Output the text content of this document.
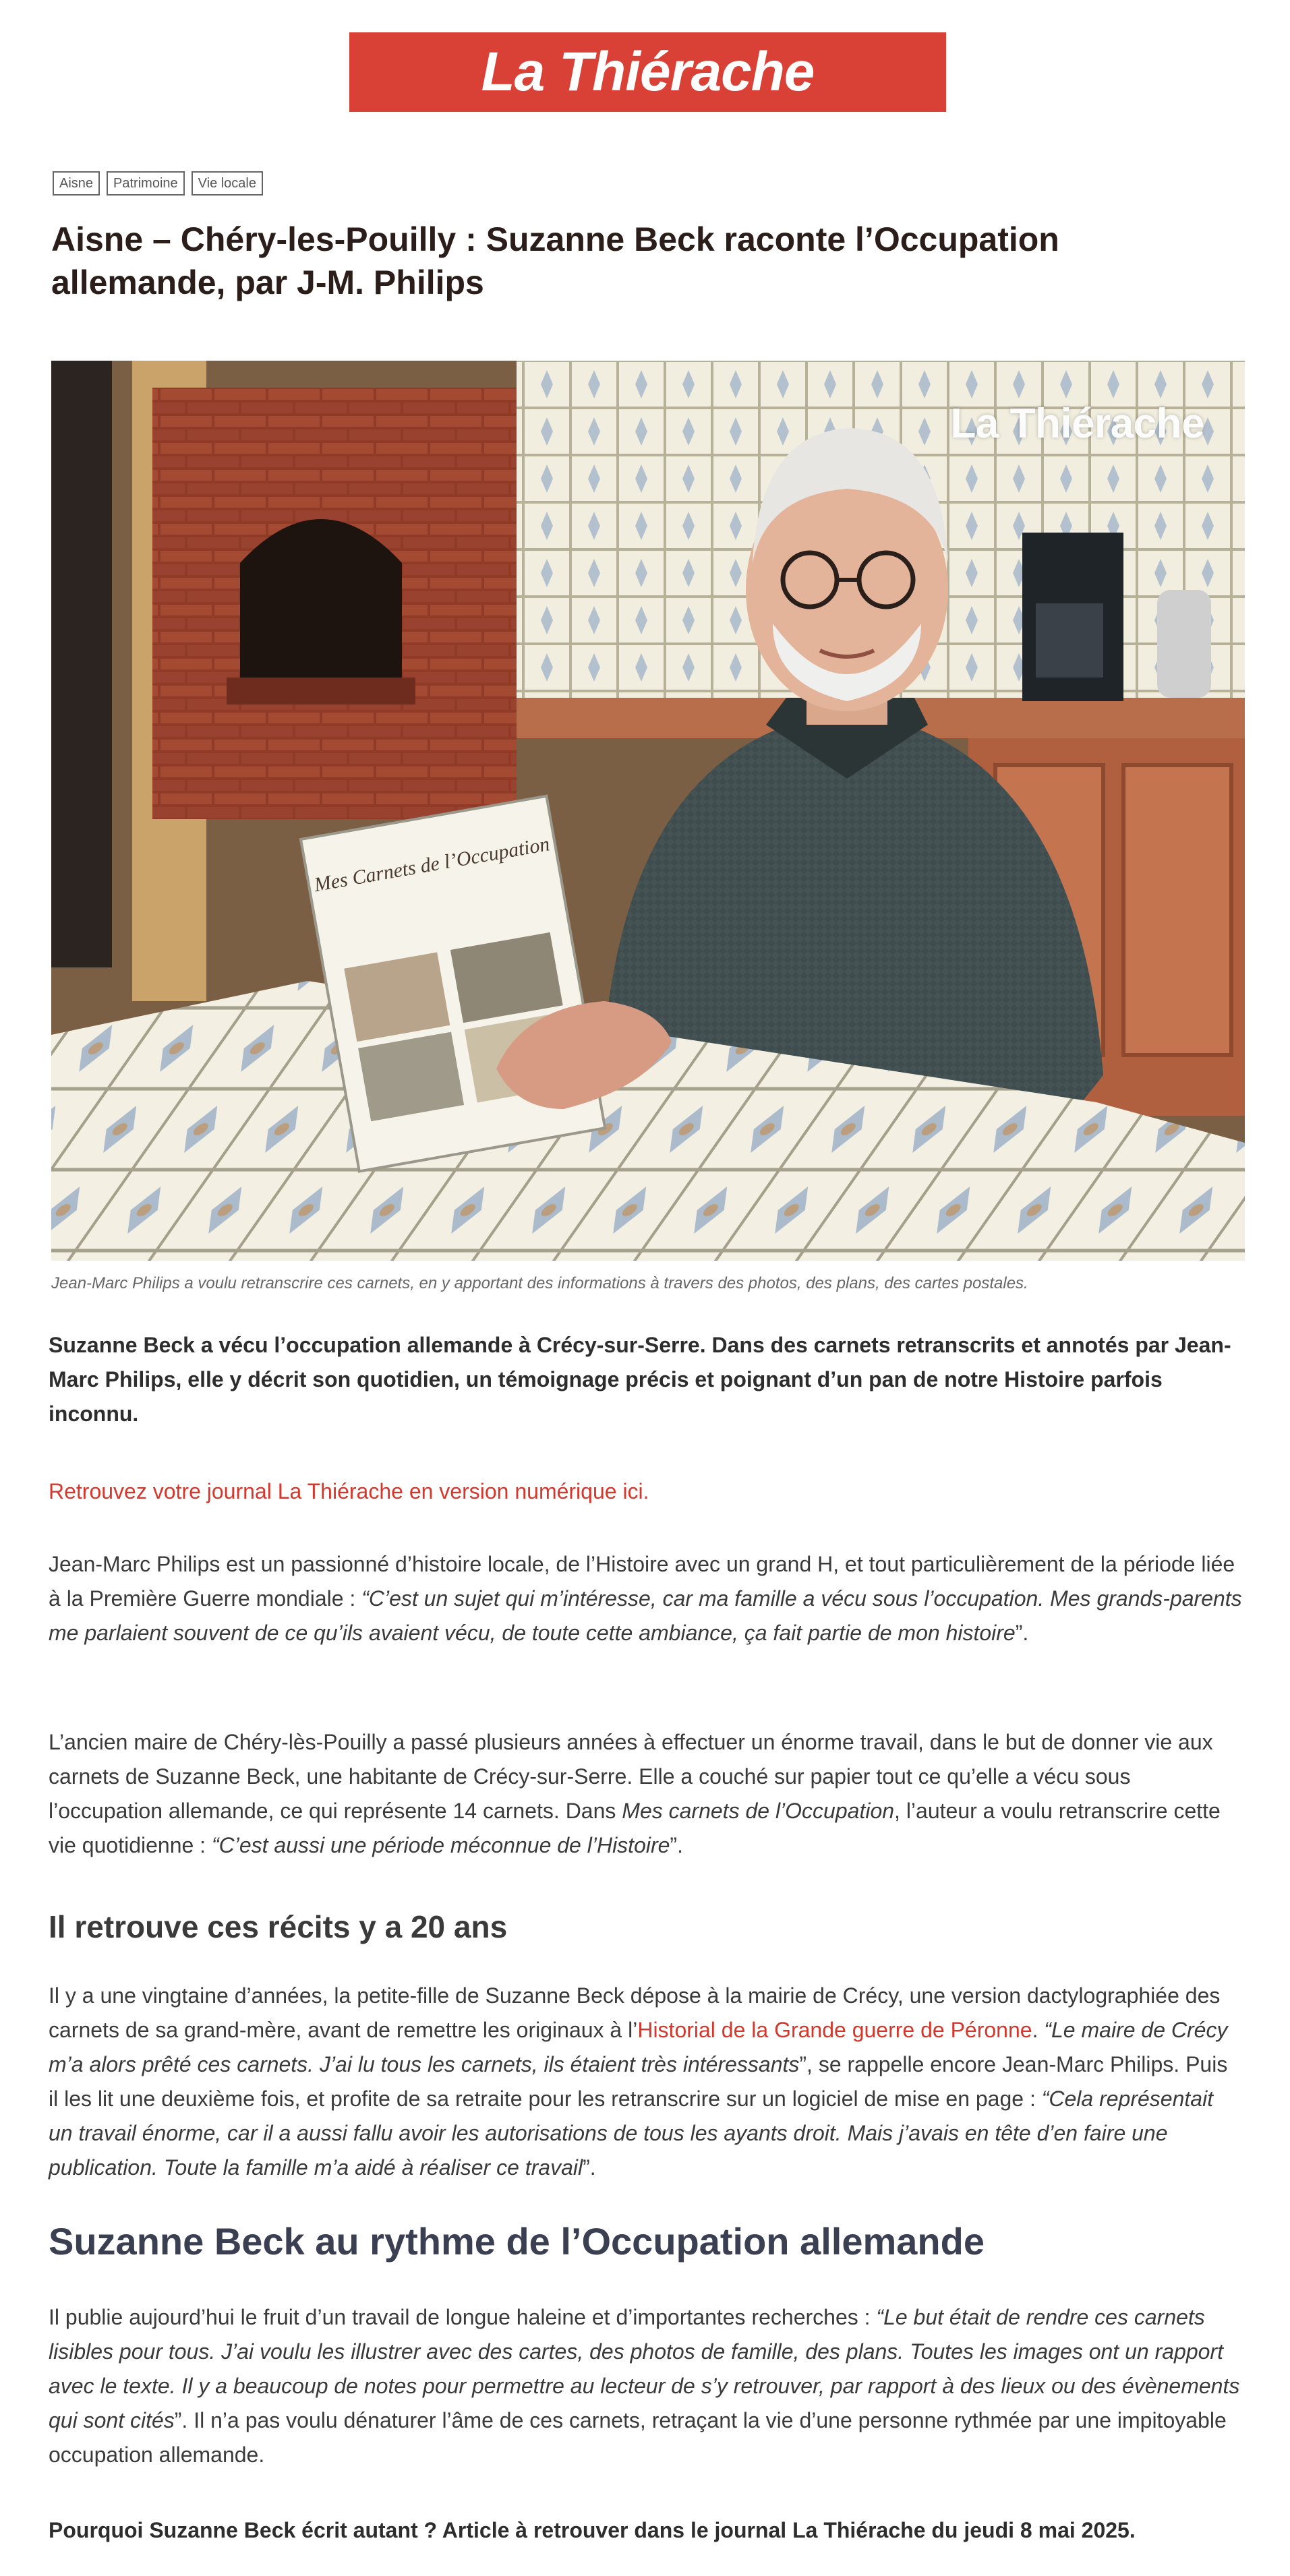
La Thiérache
Aisne	Patrimoine	Vie locale
Aisne – Chéry-les-Pouilly : Suzanne Beck raconte l’Occupation allemande, par J-M. Philips
Mes Carnets de l’Occupation
La Thiérache

Jean-Marc Philips a voulu retranscrire ces carnets, en y apportant des informations à travers des photos, des plans, des cartes postales.

Suzanne Beck a vécu l’occupation allemande à Crécy-sur-Serre. Dans des carnets retranscrits et annotés par Jean-Marc Philips, elle y décrit son quotidien, un témoignage précis et poignant d’un pan de notre Histoire parfois inconnu.

Retrouvez votre journal La Thiérache en version numérique ici.

Jean-Marc Philips est un passionné d’histoire locale, de l’Histoire avec un grand H, et tout particulièrement de la période liée à la Première Guerre mondiale : “C’est un sujet qui m’intéresse, car ma famille a vécu sous l’occupation. Mes grands-parents me parlaient souvent de ce qu’ils avaient vécu, de toute cette ambiance, ça fait partie de mon histoire”.

L’ancien maire de Chéry-lès-Pouilly a passé plusieurs années à effectuer un énorme travail, dans le but de donner vie aux carnets de Suzanne Beck, une habitante de Crécy-sur-Serre. Elle a couché sur papier tout ce qu’elle a vécu sous l’occupation allemande, ce qui représente 14 carnets. Dans Mes carnets de l’Occupation, l’auteur a voulu retranscrire cette vie quotidienne : “C’est aussi une période méconnue de l’Histoire”.

Il retrouve ces récits y a 20 ans

Il y a une vingtaine d’années, la petite-fille de Suzanne Beck dépose à la mairie de Crécy, une version dactylographiée des carnets de sa grand-mère, avant de remettre les originaux à l’Historial de la Grande guerre de Péronne. “Le maire de Crécy m’a alors prêté ces carnets. J’ai lu tous les carnets, ils étaient très intéressants”, se rappelle encore Jean-Marc Philips. Puis il les lit une deuxième fois, et profite de sa retraite pour les retranscrire sur un logiciel de mise en page : “Cela représentait un travail énorme, car il a aussi fallu avoir les autorisations de tous les ayants droit. Mais j’avais en tête d’en faire une publication. Toute la famille m’a aidé à réaliser ce travail”.

Suzanne Beck au rythme de l’Occupation allemande

Il publie aujourd’hui le fruit d’un travail de longue haleine et d’importantes recherches : “Le but était de rendre ces carnets lisibles pour tous. J’ai voulu les illustrer avec des cartes, des photos de famille, des plans. Toutes les images ont un rapport avec le texte. Il y a beaucoup de notes pour permettre au lecteur de s’y retrouver, par rapport à des lieux ou des évènements qui sont cités”. Il n’a pas voulu dénaturer l’âme de ces carnets, retraçant la vie d’une personne rythmée par une impitoyable occupation allemande.

Pourquoi Suzanne Beck écrit autant ? Article à retrouver dans le journal La Thiérache du jeudi 8 mai 2025.
